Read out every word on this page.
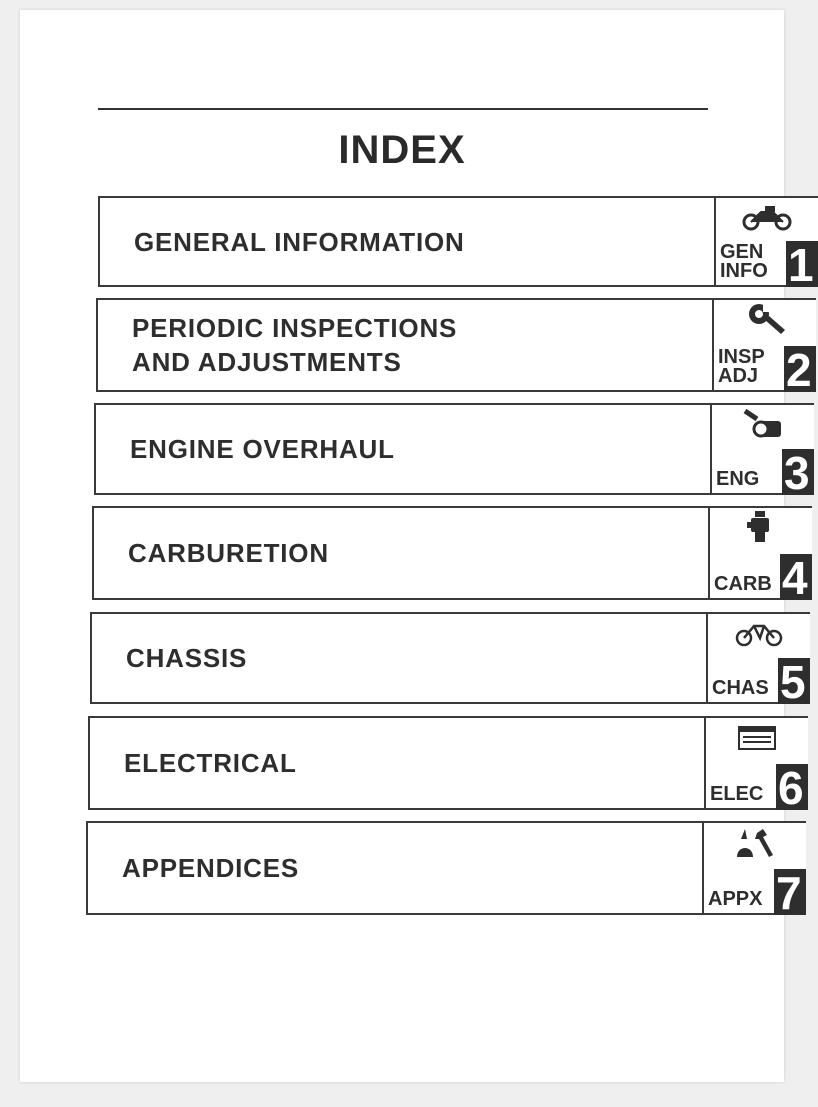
INDEX
GENERAL INFORMATION	GEN
INFO 1
PERIODIC INSPECTIONS
AND ADJUSTMENTS	INSP
ADJ 2
ENGINE OVERHAUL
ENG 3
CARBURETION
CARB 4
CHASSIS
CHAS 5
ELECTRICAL
ELEC 6
APPENDICES
APPX 7
